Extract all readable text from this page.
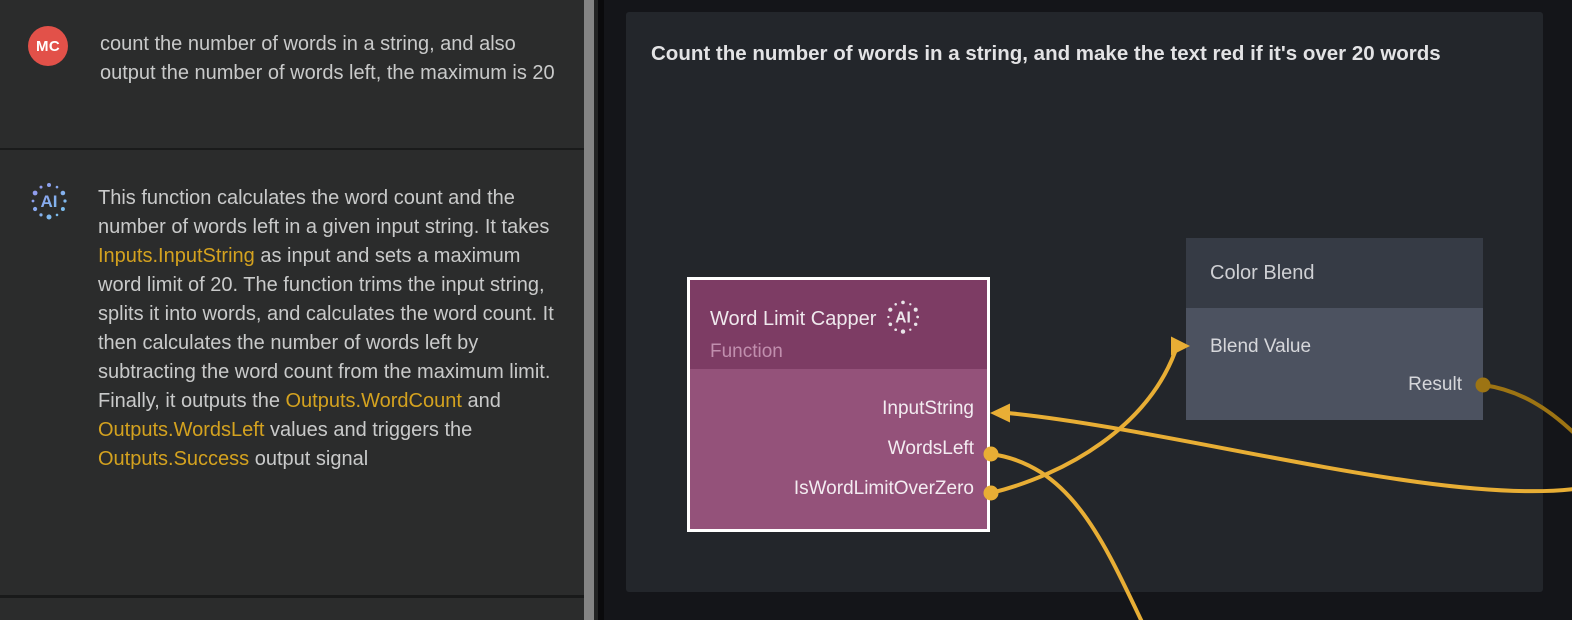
MC	count the number of words in a string, and also output the number of words left, the maximum is 20
AI This function calculates the word count and the number of words left in a given input string. It takes Inputs.InputString as input and sets a maximum word limit of 20. The function trims the input string, splits it into words, and calculates the word count. It then calculates the number of words left by subtracting the word count from the maximum limit. Finally, it outputs the Outputs.WordCount and Outputs.WordsLeft values and triggers the Outputs.Success output signal
Count the number of words in a string, and make the text red if it's over 20 words
Word Limit Capper AI
Function
InputString
WordsLeft
IsWordLimitOverZero
Color Blend
Blend Value
Result
